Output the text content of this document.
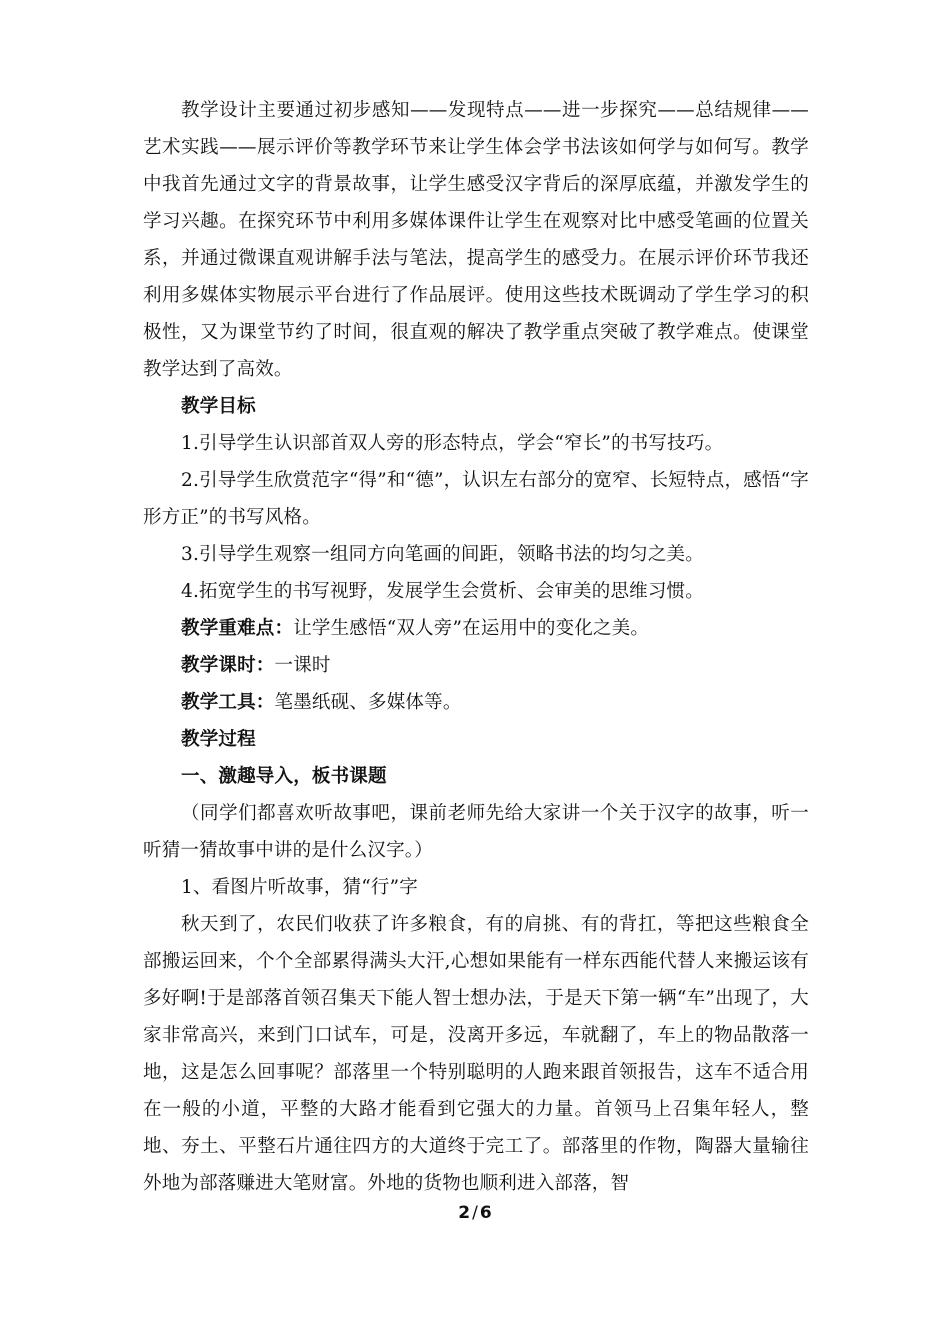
教学设计主要通过初步感知——发现特点——进一步探究——总结规律——艺术实践——展示评价等教学环节来让学生体会学书法该如何学与如何写。教学中我首先通过文字的背景故事，让学生感受汉字背后的深厚底蕴，并激发学生的学习兴趣。在探究环节中利用多媒体课件让学生在观察对比中感受笔画的位置关系，并通过微课直观讲解手法与笔法，提高学生的感受力。在展示评价环节我还利用多媒体实物展示平台进行了作品展评。使用这些技术既调动了学生学习的积极性，又为课堂节约了时间，很直观的解决了教学重点突破了教学难点。使课堂教学达到了高效。

教学目标

1.引导学生认识部首双人旁的形态特点，学会“窄长”的书写技巧。

2.引导学生欣赏范字“得”和“德”，认识左右部分的宽窄、长短特点，感悟“字形方正”的书写风格。

3.引导学生观察一组同方向笔画的间距，领略书法的均匀之美。

4.拓宽学生的书写视野，发展学生会赏析、会审美的思维习惯。

教学重难点：让学生感悟“双人旁”在运用中的变化之美。

教学课时：一课时

教学工具：笔墨纸砚、多媒体等。

教学过程

一、激趣导入，板书课题

（同学们都喜欢听故事吧，课前老师先给大家讲一个关于汉字的故事，听一听猜一猜故事中讲的是什么汉字。）

1、看图片听故事，猜“行”字

秋天到了，农民们收获了许多粮食，有的肩挑、有的背扛，等把这些粮食全部搬运回来，个个全部累得满头大汗,心想如果能有一样东西能代替人来搬运该有多好啊!于是部落首领召集天下能人智士想办法，于是天下第一辆“车”出现了，大家非常高兴，来到门口试车，可是，没离开多远，车就翻了，车上的物品散落一地，这是怎么回事呢？部落里一个特别聪明的人跑来跟首领报告，这车不适合用在一般的小道，平整的大路才能看到它强大的力量。首领马上召集年轻人，整地、夯土、平整石片通往四方的大道终于完工了。部落里的作物，陶器大量输往外地为部落赚进大笔财富。外地的货物也顺利进入部落，智

2 / 6
